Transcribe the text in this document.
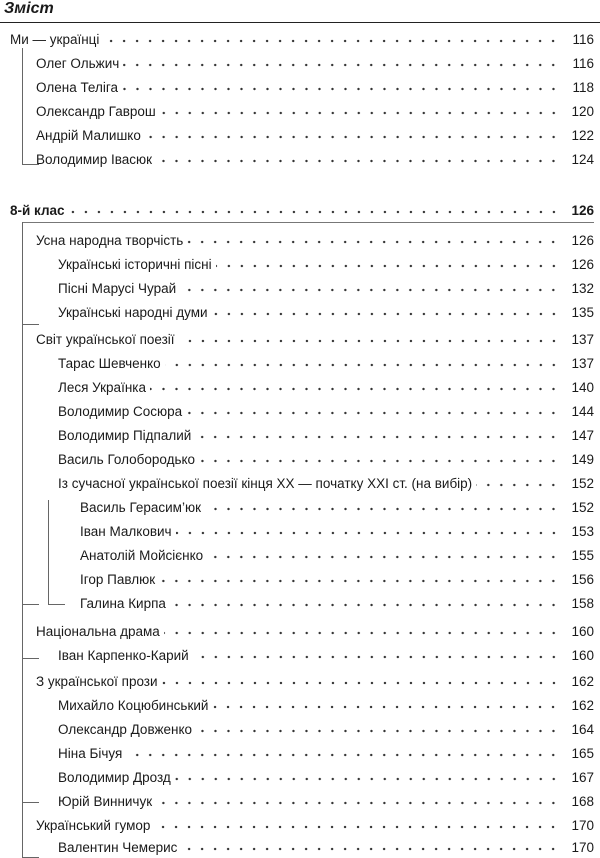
Зміст
Ми — українці	116
Олег Ольжич	116
Олена Теліга	118
Олександр Гаврош	120
Андрій Малишко	122
Володимир Івасюк	124
8-й клас	126
Усна народна творчість	126
Українські історичні пісні	126
Пісні Марусі Чурай	132
Українські народні думи	135
Світ української поезії	137
Тарас Шевченко	137
Леся Українка	140
Володимир Сосюра	144
Володимир Підпалий	147
Василь Голобородько	149
Із сучасної української поезії кінця ХХ — початку ХХІ ст. (на вибір)	152
Василь Герасим’юк	152
Іван Малкович	153
Анатолій Мойсієнко	155
Ігор Павлюк	156
Галина Кирпа	158
Національна драма	160
Іван Карпенко-Карий	160
З української прози	162
Михайло Коцюбинський	162
Олександр Довженко	164
Ніна Бічуя	165
Володимир Дрозд	167
Юрій Винничук	168
Український гумор	170
Валентин Чемерис	170
